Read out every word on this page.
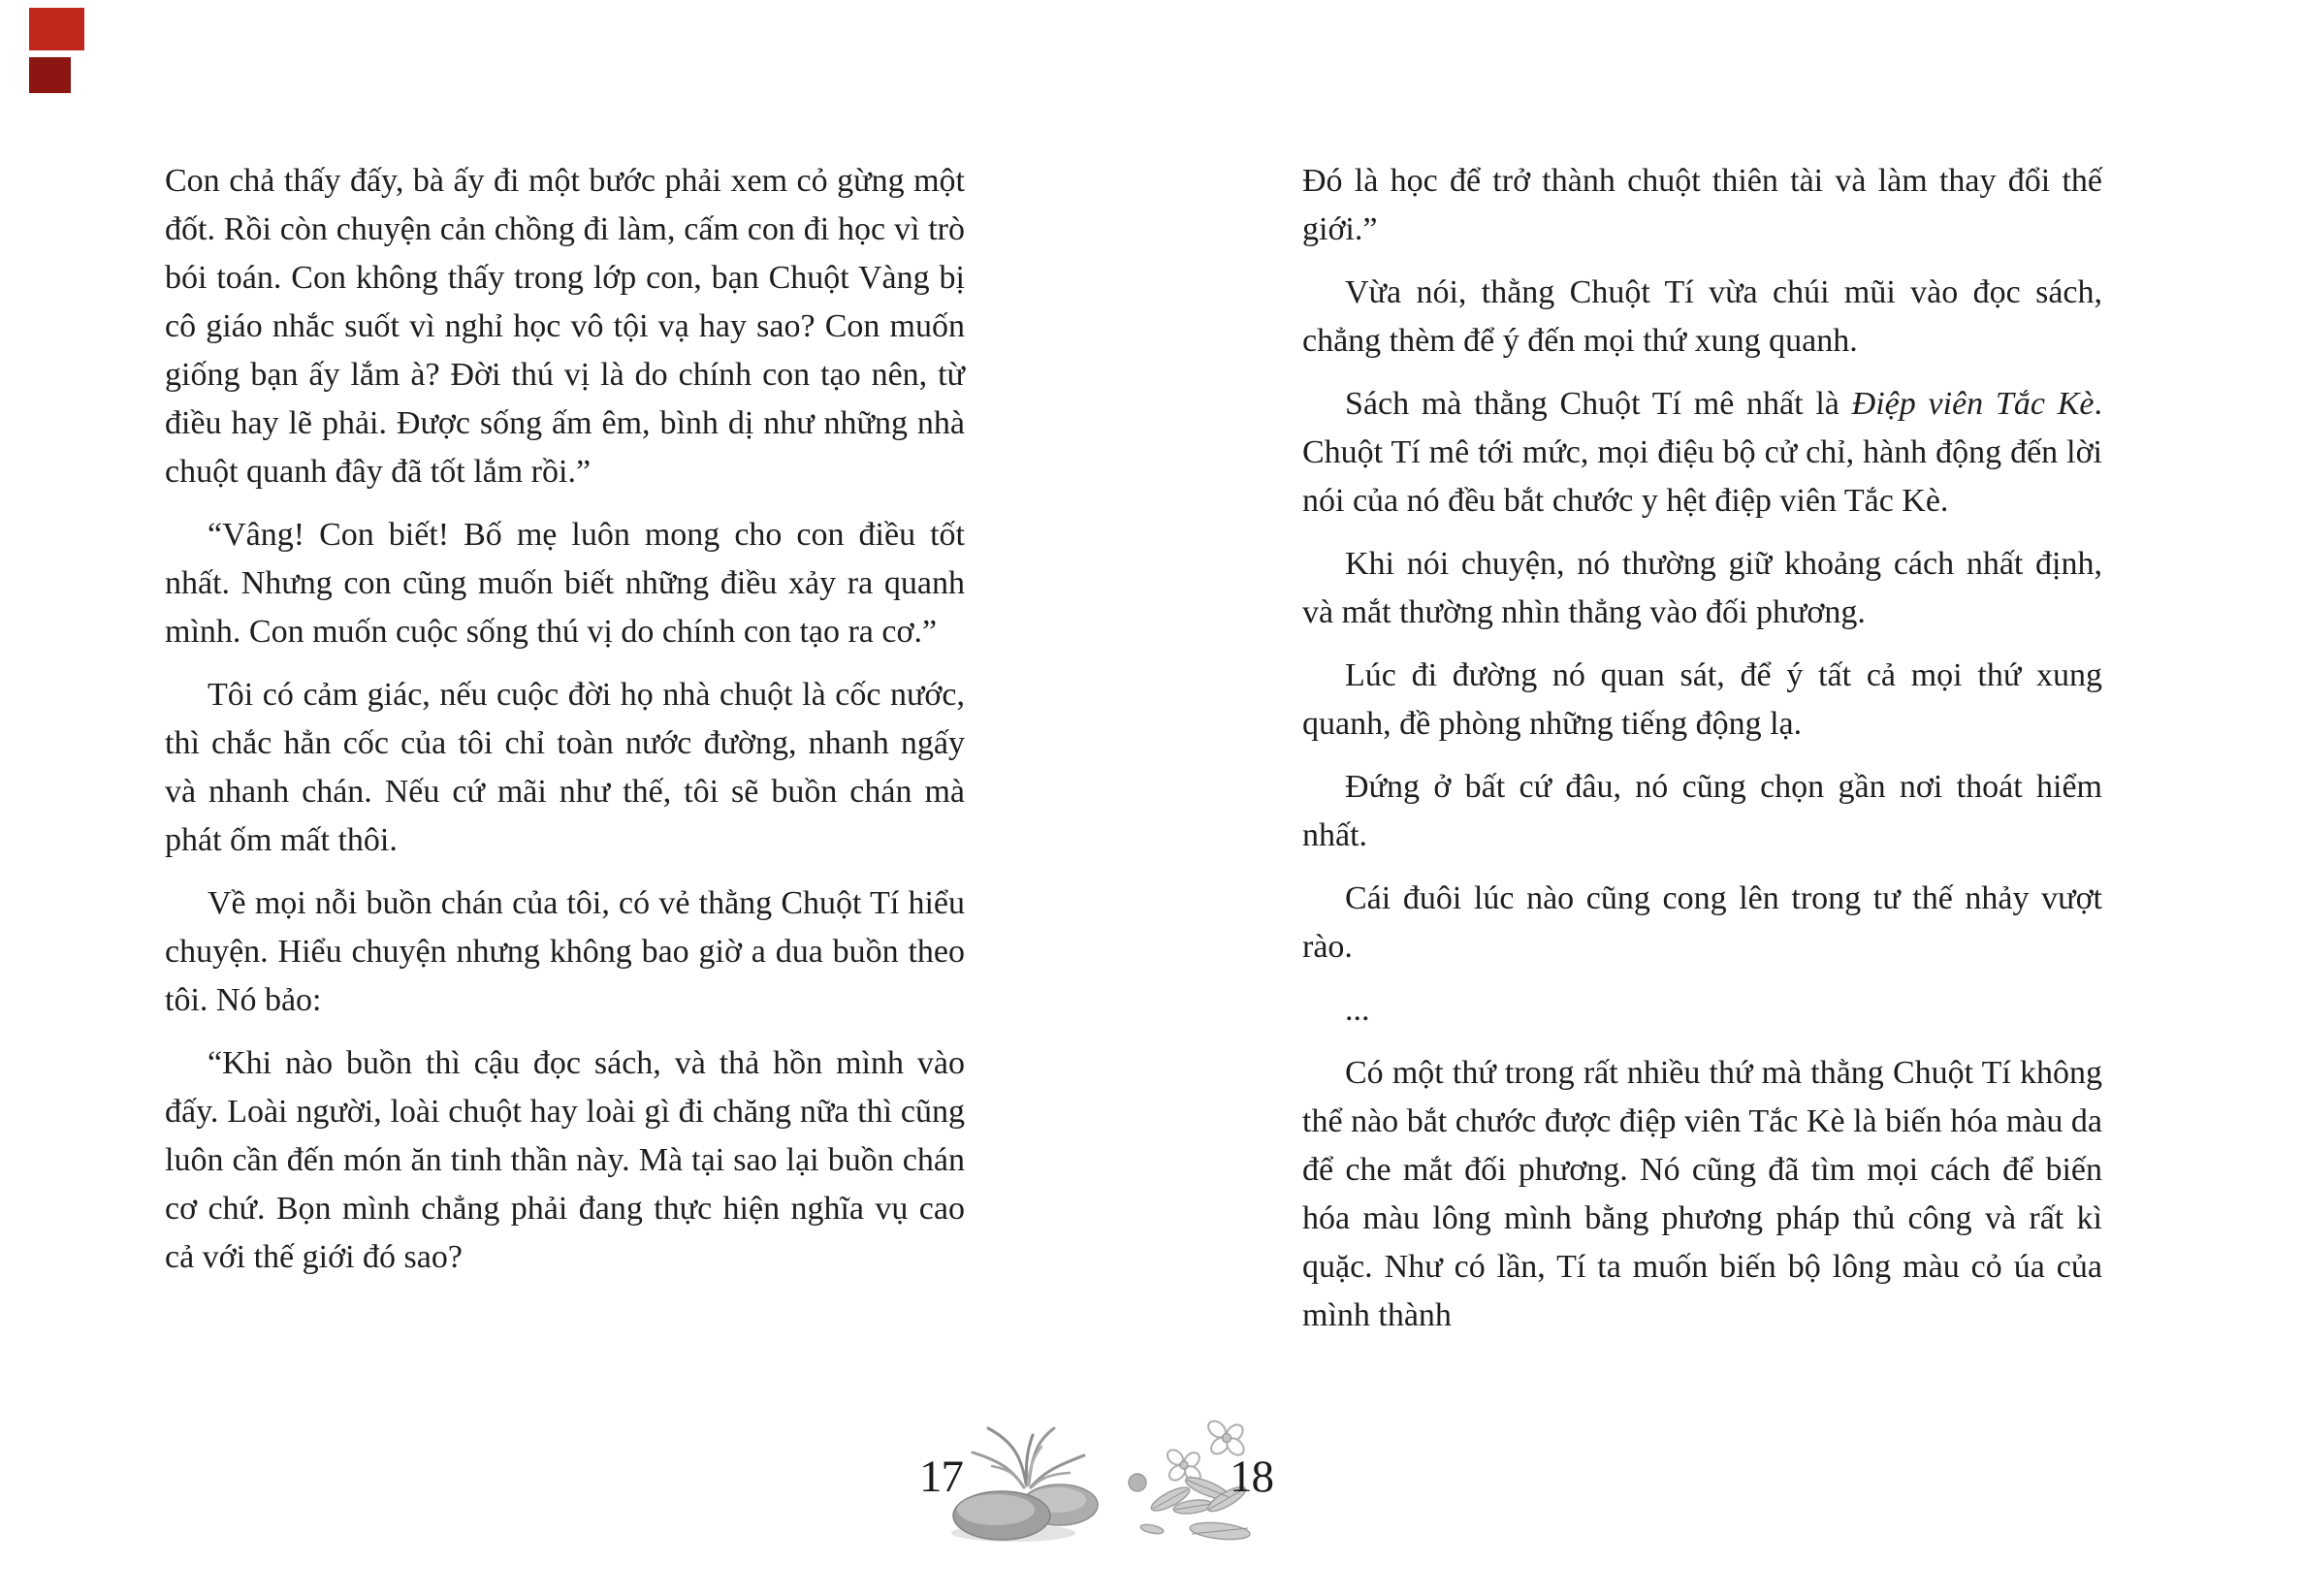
Con chả thấy đấy, bà ấy đi một bước phải xem cỏ gừng một đốt. Rồi còn chuyện cản chồng đi làm, cấm con đi học vì trò bói toán. Con không thấy trong lớp con, bạn Chuột Vàng bị cô giáo nhắc suốt vì nghỉ học vô tội vạ hay sao? Con muốn giống bạn ấy lắm à? Đời thú vị là do chính con tạo nên, từ điều hay lẽ phải. Được sống ấm êm, bình dị như những nhà chuột quanh đây đã tốt lắm rồi.”

“Vâng! Con biết! Bố mẹ luôn mong cho con điều tốt nhất. Nhưng con cũng muốn biết những điều xảy ra quanh mình. Con muốn cuộc sống thú vị do chính con tạo ra cơ.”

Tôi có cảm giác, nếu cuộc đời họ nhà chuột là cốc nước, thì chắc hẳn cốc của tôi chỉ toàn nước đường, nhanh ngấy và nhanh chán. Nếu cứ mãi như thế, tôi sẽ buồn chán mà phát ốm mất thôi.

Về mọi nỗi buồn chán của tôi, có vẻ thằng Chuột Tí hiểu chuyện. Hiểu chuyện nhưng không bao giờ a dua buồn theo tôi. Nó bảo:

“Khi nào buồn thì cậu đọc sách, và thả hồn mình vào đấy. Loài người, loài chuột hay loài gì đi chăng nữa thì cũng luôn cần đến món ăn tinh thần này. Mà tại sao lại buồn chán cơ chứ. Bọn mình chẳng phải đang thực hiện nghĩa vụ cao cả với thế giới đó sao?

Đó là học để trở thành chuột thiên tài và làm thay đổi thế giới.”

Vừa nói, thằng Chuột Tí vừa chúi mũi vào đọc sách, chẳng thèm để ý đến mọi thứ xung quanh.

Sách mà thằng Chuột Tí mê nhất là Điệp viên Tắc Kè. Chuột Tí mê tới mức, mọi điệu bộ cử chỉ, hành động đến lời nói của nó đều bắt chước y hệt điệp viên Tắc Kè.

Khi nói chuyện, nó thường giữ khoảng cách nhất định, và mắt thường nhìn thẳng vào đối phương.

Lúc đi đường nó quan sát, để ý tất cả mọi thứ xung quanh, đề phòng những tiếng động lạ.

Đứng ở bất cứ đâu, nó cũng chọn gần nơi thoát hiểm nhất.

Cái đuôi lúc nào cũng cong lên trong tư thế nhảy vượt rào.

...

Có một thứ trong rất nhiều thứ mà thằng Chuột Tí không thể nào bắt chước được điệp viên Tắc Kè là biến hóa màu da để che mắt đối phương. Nó cũng đã tìm mọi cách để biến hóa màu lông mình bằng phương pháp thủ công và rất kì quặc. Như có lần, Tí ta muốn biến bộ lông màu cỏ úa của mình thành

17	18
